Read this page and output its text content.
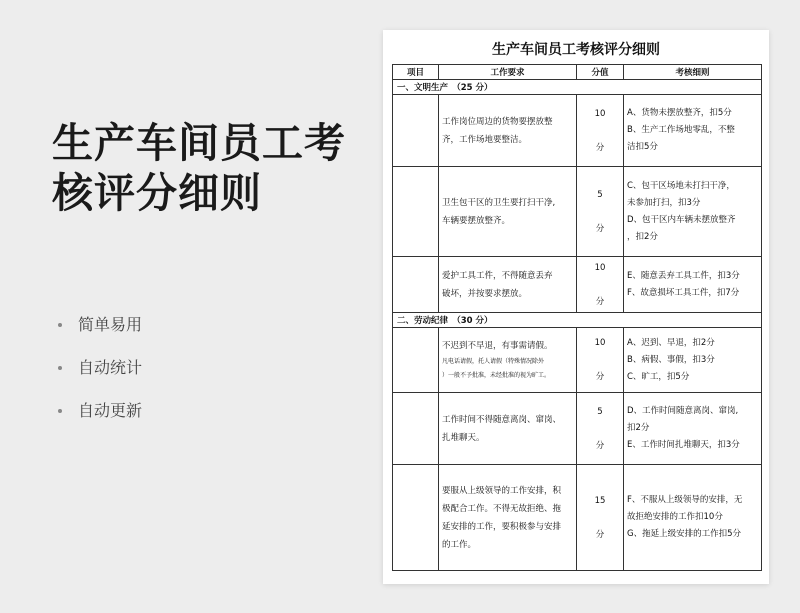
生产车间员工考
核评分细则
简单易用
自动统计
自动更新
生产车间员工考核评分细则
项目	工作要求	分值	考核细则
一、文明生产　（25 分）			

	工作岗位周边的货物要摆放整
齐，工作场地要整洁。	10
分	A、货物未摆放整齐，扣5分
B、生产工作场地零乱，不整
洁扣5分

	卫生包干区的卫生要打扫干净,
车辆要摆放整齐。	5
分	C、包干区场地未打扫干净，
未参加打扫，扣3分
D、包干区内车辆未摆放整齐
，扣2分

	爱护工具工件，不得随意丢弃
破坏，并按要求摆放。	10
分	E、随意丢弃工具工件，扣3分
F、故意损坏工具工件，扣7分

二、劳动纪律　（30 分）			

	不迟到不早退，有事需请假。
凡电话请假，托人请假（特殊情况除外
）一般不予批准，未经批准的视为旷工。	10
分	A、迟到、早退，扣2分
B、病假、事假，扣3分
C、旷工，扣5分

	工作时间不得随意离岗、窜岗、
扎堆聊天。	5
分	D、工作时间随意离岗、窜岗,
扣2分
E、工作时间扎堆聊天，扣3分

	要服从上级领导的工作安排，积
极配合工作。不得无故拒绝、拖
延安排的工作，要积极参与安排
的工作。	15
分	F、不服从上级领导的安排，无
故拒绝安排的工作扣10分
G、拖延上级安排的工作扣5分
